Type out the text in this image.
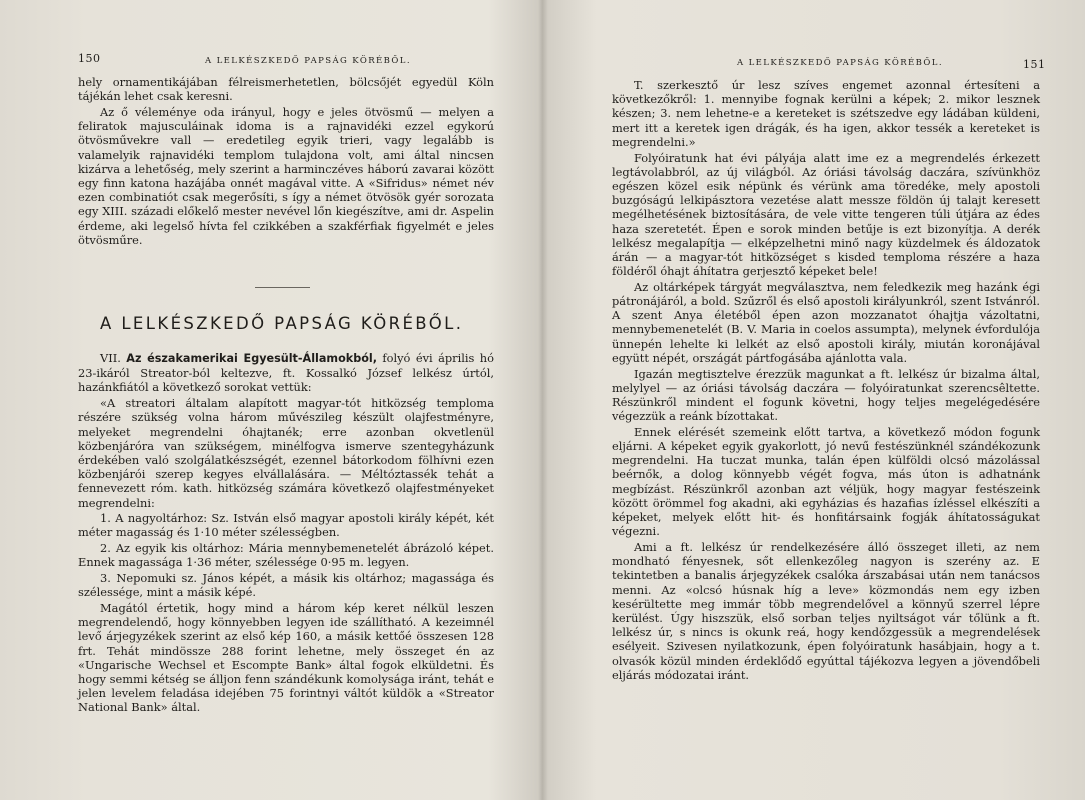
150	A LELKÉSZKEDŐ PAPSÁG KÖRÉBŐL.

hely ornamentikájában félreismerhetetlen, bölcsőjét egyedül Köln tájékán lehet csak keresni.

Az ő véleménye oda irányul, hogy e jeles ötvösmű — melyen a feliratok majusculáinak idoma is a rajnavidéki ezzel egykorú ötvösművekre vall — eredetileg egyik trieri, vagy legalább is valamelyik rajnavidéki templom tulajdona volt, ami által nincsen kizárva a lehetőség, mely szerint a harminczéves háború zavarai között egy finn katona hazájába onnét magával vitte. A «Sifridus» német név ezen combinatiót csak megerősíti, s így a német ötvösök gyér sorozata egy XIII. századi előkelő mester nevével lőn kiegészítve, ami dr. Aspelin érdeme, aki legelső hívta fel czikkében a szakférfiak figyelmét e jeles ötvösműre.

A LELKÉSZKEDŐ PAPSÁG KÖRÉBŐL.

VII. Az északamerikai Egyesült-Államokból, folyó évi április hó 23-ikáról Streator-ból keltezve, ft. Kossalkó József lelkész úrtól, hazánkfiától a következő sorokat vettük:

«A streatori általam alapított magyar-tót hitközség temploma részére szükség volna három művészileg készült olajfestményre, melyeket megrendelni óhajtanék; erre azonban okvetlenül közbenjáróra van szükségem, minélfogva ismerve szentegyházunk érdekében való szolgálatkészségét, ezennel bátorkodom fölhívni ezen közbenjárói szerep kegyes elvállalására. — Méltóztassék tehát a fennevezett róm. kath. hitközség számára következő olajfestményeket megrendelni:

1. A nagyoltárhoz: Sz. István első magyar apostoli király képét, két méter magasság és 1·10 méter szélességben.

2. Az egyik kis oltárhoz: Mária mennybemenetelét ábrázoló képet. Ennek magassága 1·36 méter, szélessége 0·95 m. legyen.

3. Nepomuki sz. János képét, a másik kis oltárhoz; magassága és szélessége, mint a másik képé.

Magától értetik, hogy mind a három kép keret nélkül leszen megrendelendő, hogy könnyebben legyen ide szállítható. A kezeimnél levő árjegyzékek szerint az első kép 160, a másik kettőé összesen 128 frt. Tehát mindössze 288 forint lehetne, mely összeget én az «Ungarische Wechsel et Escompte Bank» által fogok elküldetni. És hogy semmi kétség se álljon fenn szándékunk komolysága iránt, tehát e jelen levelem feladása idejében 75 forintnyi váltót küldök a «Streator National Bank» által.

A LELKÉSZKEDŐ PAPSÁG KÖRÉBŐL.	151

T. szerkesztő úr lesz szíves engemet azonnal értesíteni a következőkről: 1. mennyibe fognak kerülni a képek; 2. mikor lesznek készen; 3. nem lehetne-e a kereteket is szétszedve egy ládában küldeni, mert itt a keretek igen drágák, és ha igen, akkor tessék a kereteket is megrendelni.»

Folyóiratunk hat évi pályája alatt ime ez a megrendelés érkezett legtávolabbról, az új világból. Az óriási távolság daczára, szívünkhöz egészen közel esik népünk és vérünk ama töredéke, mely apostoli buzgóságú lelkipásztora vezetése alatt messze földön új talajt keresett megélhetésének biztosítására, de vele vitte tengeren túli útjára az édes haza szeretetét. Épen e sorok minden betűje is ezt bizonyítja. A derék lelkész megalapítja — elképzelhetni minő nagy küzdelmek és áldozatok árán — a magyar-tót hitközséget s kisded temploma részére a haza földéről óhajt áhítatra gerjesztő képeket bele!

Az oltárképek tárgyát megválasztva, nem feledkezik meg hazánk égi pátronájáról, a bold. Szűzről és első apostoli királyunkról, szent Istvánról. A szent Anya életéből épen azon mozzanatot óhajtja vázoltatni, mennybemenetelét (B. V. Maria in coelos assumpta), melynek évfordulója ünnepén lehelte ki lelkét az első apostoli király, miután koronájával együtt népét, országát pártfogásába ajánlotta vala.

Igazán megtisztelve érezzük magunkat a ft. lelkész úr bizalma által, melylyel — az óriási távolság daczára — folyóiratunkat szerencsêltette. Részünkről mindent el fogunk követni, hogy teljes megelégedésére végezzük a reánk bízottakat.

Ennek elérését szemeink előtt tartva, a következő módon fogunk eljárni. A képeket egyik gyakorlott, jó nevű festészünknél szándékozunk megrendelni. Ha tuczat munka, talán épen külföldi olcsó mázolással beérnők, a dolog könnyebb végét fogva, más úton is adhatnánk megbízást. Részünkről azonban azt véljük, hogy magyar festészeink között örömmel fog akadni, aki egyházias és hazafias ízléssel elkészíti a képeket, melyek előtt hit- és honfitársaink fogják áhítatosságukat végezni.

Ami a ft. lelkész úr rendelkezésére álló összeget illeti, az nem mondható fényesnek, sőt ellenkezőleg nagyon is szerény az. E tekintetben a banalis árjegyzékek csalóka árszabásai után nem tanácsos menni. Az «olcsó húsnak híg a leve» közmondás nem egy izben kesérültette meg immár több megrendelővel a könnyű szerrel lépre kerülést. Úgy hiszszük, első sorban teljes nyiltságot vár tőlünk a ft. lelkész úr, s nincs is okunk reá, hogy kendőzgessük a megrendelések esélyeit. Szivesen nyilatkozunk, épen folyóiratunk hasábjain, hogy a t. olvasók közül minden érdeklődő egyúttal tájékozva legyen a jövendőbeli eljárás módozatai iránt.
